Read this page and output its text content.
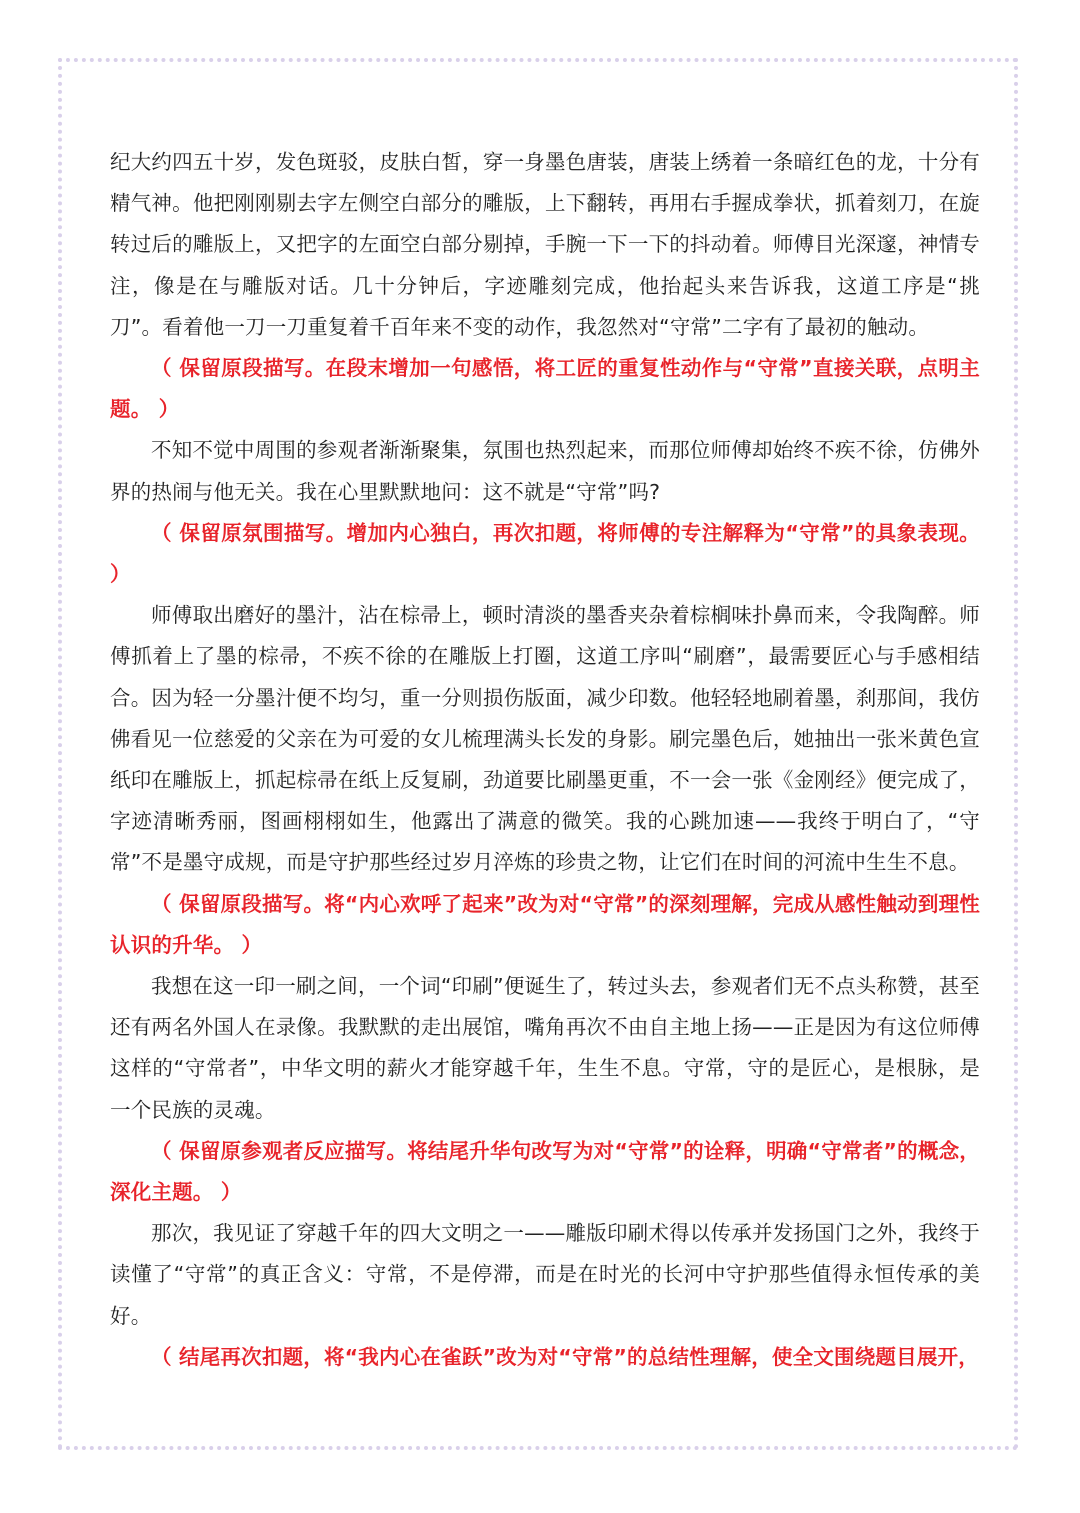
纪大约四五十岁，发色斑驳，皮肤白皙，穿一身墨色唐装，唐装上绣着一条暗红色的龙，十分有精气神。他把刚刚剔去字左侧空白部分的雕版，上下翻转，再用右手握成拳状，抓着刻刀，在旋转过后的雕版上，又把字的左面空白部分剔掉，手腕一下一下的抖动着。师傅目光深邃，神情专注，像是在与雕版对话。几十分钟后，字迹雕刻完成，他抬起头来告诉我，这道工序是“挑刀”。看着他一刀一刀重复着千百年来不变的动作，我忽然对“守常”二字有了最初的触动。

（ 保留原段描写。在段末增加一句感悟，将工匠的重复性动作与“守常”直接关联，点明主题。 ）

不知不觉中周围的参观者渐渐聚集，氛围也热烈起来，而那位师傅却始终不疾不徐，仿佛外界的热闹与他无关。我在心里默默地问：这不就是“守常”吗?

（ 保留原氛围描写。增加内心独白，再次扣题，将师傅的专注解释为“守常”的具象表现。 ）

师傅取出磨好的墨汁，沾在棕帚上，顿时清淡的墨香夹杂着棕榈味扑鼻而来，令我陶醉。师傅抓着上了墨的棕帚，不疾不徐的在雕版上打圈，这道工序叫“刷磨”，最需要匠心与手感相结合。因为轻一分墨汁便不均匀，重一分则损伤版面，减少印数。他轻轻地刷着墨，刹那间，我仿佛看见一位慈爱的父亲在为可爱的女儿梳理满头长发的身影。刷完墨色后，她抽出一张米黄色宣纸印在雕版上，抓起棕帚在纸上反复刷，劲道要比刷墨更重，不一会一张《金刚经》便完成了，字迹清晰秀丽，图画栩栩如生，他露出了满意的微笑。我的心跳加速——我终于明白了，“守常”不是墨守成规，而是守护那些经过岁月淬炼的珍贵之物，让它们在时间的河流中生生不息。

（ 保留原段描写。将“内心欢呼了起来”改为对“守常”的深刻理解，完成从感性触动到理性认识的升华。 ）

我想在这一印一刷之间，一个词“印刷”便诞生了，转过头去，参观者们无不点头称赞，甚至还有两名外国人在录像。我默默的走出展馆，嘴角再次不由自主地上扬——正是因为有这位师傅这样的“守常者”，中华文明的薪火才能穿越千年，生生不息。守常，守的是匠心，是根脉，是一个民族的灵魂。

（ 保留原参观者反应描写。将结尾升华句改写为对“守常”的诠释，明确“守常者”的概念，深化主题。 ）

那次，我见证了穿越千年的四大文明之一——雕版印刷术得以传承并发扬国门之外，我终于读懂了“守常”的真正含义：守常，不是停滞，而是在时光的长河中守护那些值得永恒传承的美好。

（ 结尾再次扣题，将“我内心在雀跃”改为对“守常”的总结性理解，使全文围绕题目展开，
